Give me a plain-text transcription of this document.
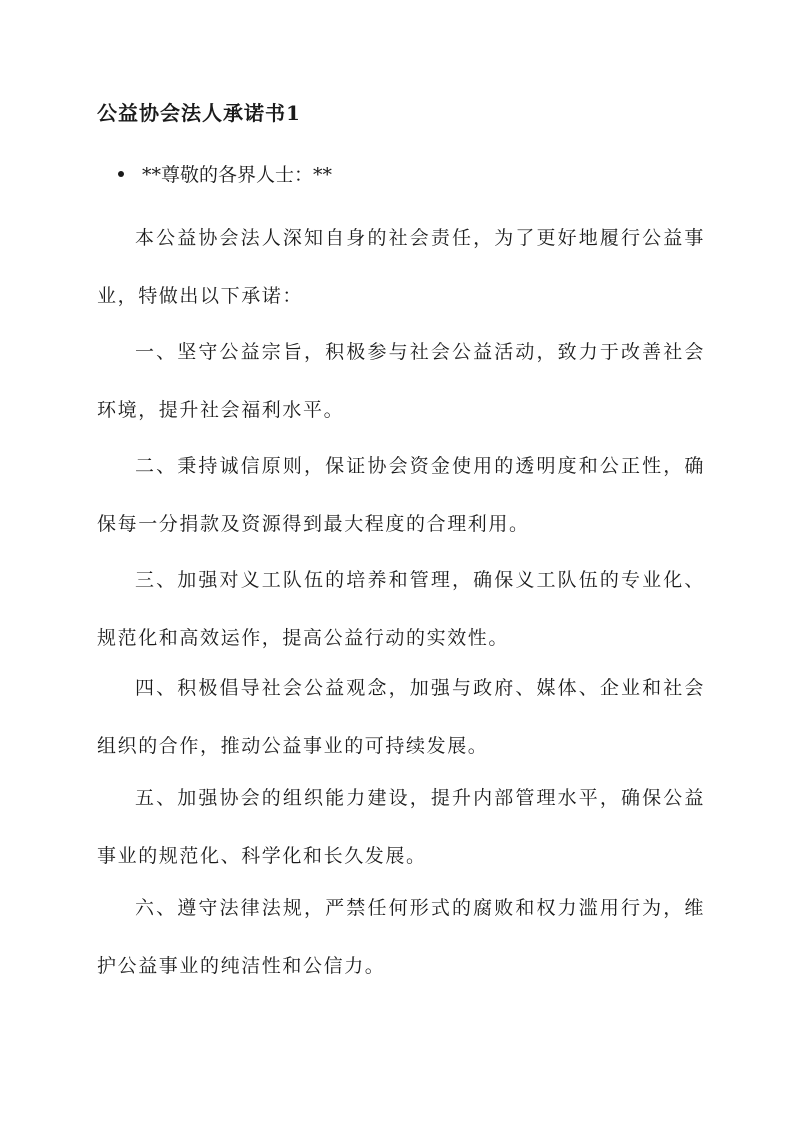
公益协会法人承诺书1
**尊敬的各界人士：**

本公益协会法人深知自身的社会责任，为了更好地履行公益事业，特做出以下承诺：

一、坚守公益宗旨，积极参与社会公益活动，致力于改善社会环境，提升社会福利水平。

二、秉持诚信原则，保证协会资金使用的透明度和公正性，确保每一分捐款及资源得到最大程度的合理利用。

三、加强对义工队伍的培养和管理，确保义工队伍的专业化、规范化和高效运作，提高公益行动的实效性。

四、积极倡导社会公益观念，加强与政府、媒体、企业和社会组织的合作，推动公益事业的可持续发展。

五、加强协会的组织能力建设，提升内部管理水平，确保公益事业的规范化、科学化和长久发展。

六、遵守法律法规，严禁任何形式的腐败和权力滥用行为，维护公益事业的纯洁性和公信力。
